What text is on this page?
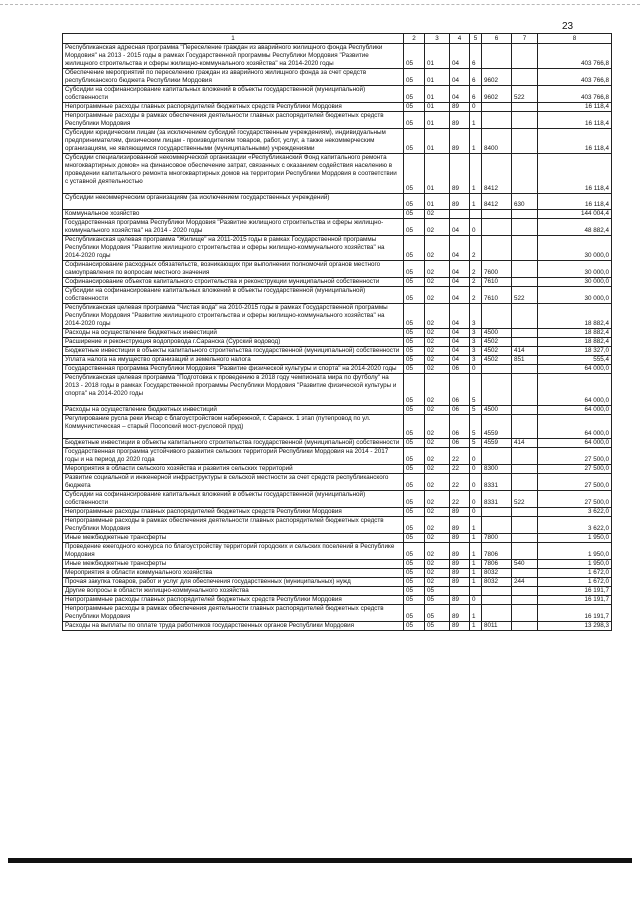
23
1	2	3	4	5	6	7	8
Республиканская адресная программа "Переселение граждан из аварийного жилищного фонда Республики Мордовия" на 2013 - 2015 годы в рамках Государственной программы Республики Мордовия "Развитие жилищного строительства и сферы жилищно-коммунального хозяйства" на 2014-2020 годы	05	01	04	6			403 766,8
Обеспечение мероприятий по переселению граждан из аварийного жилищного фонда за счет средств республиканского бюджета Республики Мордовия	05	01	04	6	9602		403 766,8
Субсидии на софинансирование капитальных вложений в объекты государственной (муниципальной) собственности	05	01	04	6	9602	522	403 766,8
Непрограммные расходы главных распорядителей бюджетных средств Республики Мордовия	05	01	89	0			16 118,4
Непрограммные расходы в рамках обеспечения деятельности главных распорядителей бюджетных средств Республики Мордовия	05	01	89	1			16 118,4
Субсидии юридическим лицам (за исключением субсидий государственным учреждениям), индивидуальным предпринимателям, физическим лицам - производителям товаров, работ, услуг, а также некоммерческим организациям, не являющимся государственными (муниципальными) учреждениями	05	01	89	1	8400		16 118,4
Субсидии специализированной некоммерческой организации «Республиканский Фонд капитального ремонта многоквартирных домов» на финансовое обеспечение затрат, связанных с оказанием содействия населению в проведении капитального ремонта многоквартирных домов на территории Республики Мордовия в соответствии с уставной деятельностью	05	01	89	1	8412		16 118,4
Субсидии некоммерческим организациям (за исключением государственных учреждений)	05	01	89	1	8412	630	16 118,4
Коммунальное хозяйство	05	02					144 004,4
Государственная программа Республики Мордовия "Развитие жилищного строительства и сферы жилищно-коммунального хозяйства" на 2014 - 2020 годы	05	02	04	0			48 882,4
Республиканская целевая программа "Жилище" на 2011-2015 годы в рамках Государственной программы Республики Мордовия "Развитие жилищного строительства и сферы жилищно-коммунального хозяйства" на 2014-2020 годы	05	02	04	2			30 000,0
Софинансирование расходных обязательств, возникающих при выполнении полномочий органов местного самоуправления по вопросам местного значения	05	02	04	2	7600		30 000,0
Софинансирование объектов капитального строительства и реконструкции муниципальной собственности	05	02	04	2	7610		30 000,0
Субсидии на софинансирование капитальных вложений в объекты государственной (муниципальной) собственности	05	02	04	2	7610	522	30 000,0
Республиканская целевая программа "Чистая вода" на 2010-2015 годы в рамках Государственной программы Республики Мордовия "Развитие жилищного строительства и сферы жилищно-коммунального хозяйства" на 2014-2020 годы	05	02	04	3			18 882,4
Расходы на осуществление бюджетных инвестиций	05	02	04	3	4500		18 882,4
Расширение и реконструкция водопровода г.Саранска (Сурский водовод)	05	02	04	3	4502		18 882,4
Бюджетные инвестиции в объекты капитального строительства государственной (муниципальной) собственности	05	02	04	3	4502	414	18 327,0
Уплата налога на имущество организаций и земельного налога	05	02	04	3	4502	851	555,4
Государственная программа Республики Мордовия "Развитие физической культуры и спорта" на 2014-2020 годы	05	02	06	0			64 000,0
Республиканская целевая программа "Подготовка к проведению в 2018 году чемпионата мира по футболу" на 2013 - 2018 годы в рамках Государственной программы Республики Мордовия "Развитие физической культуры и спорта" на 2014-2020 годы	05	02	06	5			64 000,0
Расходы на осуществление бюджетных инвестиций	05	02	06	5	4500		64 000,0
Регулирование русла реки Инсар с благоустройством набережной, г. Саранск. 1 этап (путепровод по ул. Коммунистическая – старый Посопский мост-русловой пруд)	05	02	06	5	4559		64 000,0
Бюджетные инвестиции в объекты капитального строительства государственной (муниципальной) собственности	05	02	06	5	4559	414	64 000,0
Государственная программа устойчивого развития сельских территорий Республики Мордовия на 2014 - 2017 годы и на период до 2020 года	05	02	22	0			27 500,0
Мероприятия в области сельского хозяйства и развития сельских территорий	05	02	22	0	8300		27 500,0
Развитие социальной и инженерной инфраструктуры в сельской местности за счет средств республиканского бюджета	05	02	22	0	8331		27 500,0
Субсидии на софинансирование капитальных вложений в объекты государственной (муниципальной) собственности	05	02	22	0	8331	522	27 500,0
Непрограммные расходы главных распорядителей бюджетных средств Республики Мордовия	05	02	89	0			3 622,0
Непрограммные расходы в рамках обеспечения деятельности главных распорядителей бюджетных средств Республики Мордовия	05	02	89	1			3 622,0
Иные межбюджетные трансферты	05	02	89	1	7800		1 950,0
Проведение ежегодного конкурса по благоустройству территорий городских и сельских поселений в Республике Мордовия	05	02	89	1	7806		1 950,0
Иные межбюджетные трансферты	05	02	89	1	7806	540	1 950,0
Мероприятия в области коммунального хозяйства	05	02	89	1	8032		1 672,0
Прочая закупка товаров, работ и услуг для обеспечения государственных (муниципальных) нужд	05	02	89	1	8032	244	1 672,0
Другие вопросы в области жилищно-коммунального хозяйства	05	05					16 191,7
Непрограммные расходы главных распорядителей бюджетных средств Республики Мордовия	05	05	89	0			16 191,7
Непрограммные расходы в рамках обеспечения деятельности главных распорядителей бюджетных средств Республики Мордовия	05	05	89	1			16 191,7
Расходы на выплаты по оплате труда работников государственных органов Республики Мордовия	05	05	89	1	8011		13 298,3
